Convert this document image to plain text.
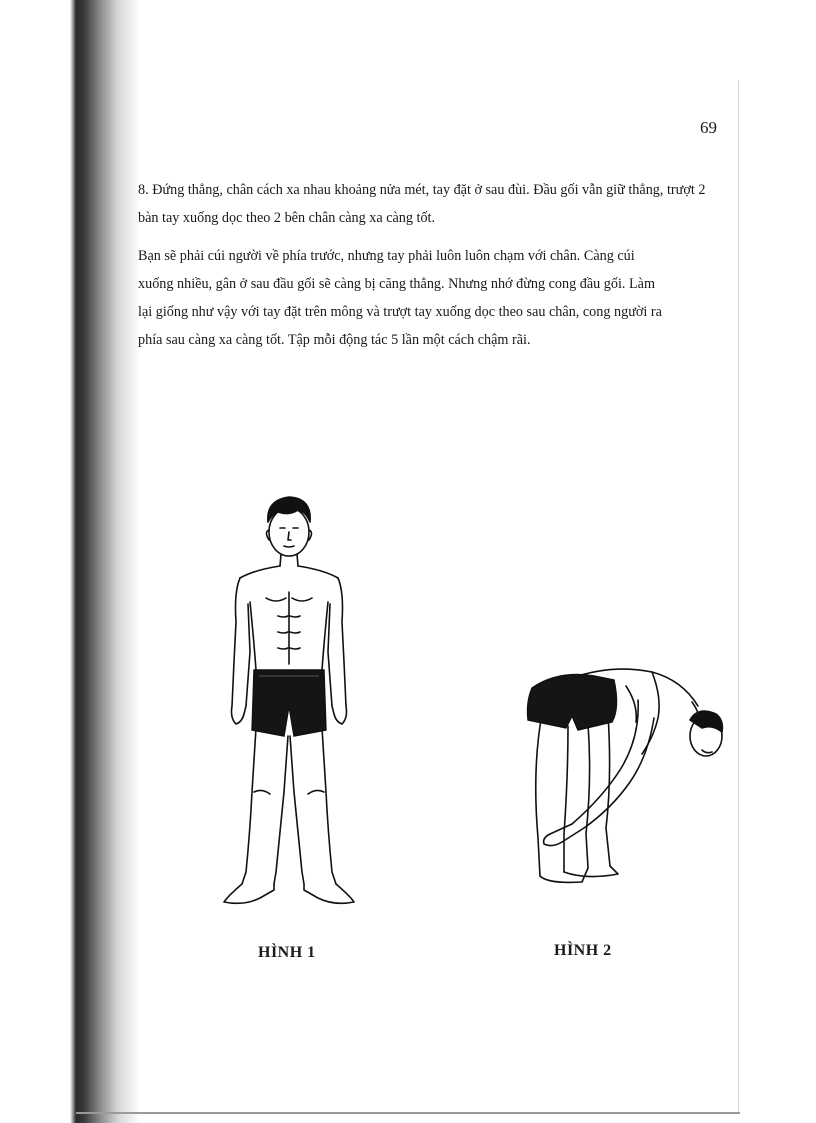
69
8. Đứng thẳng, chân cách xa nhau khoảng nửa mét, tay đặt ở sau đùi. Đầu gối vẫn giữ thẳng, trượt 2 bàn tay xuống dọc theo 2 bên chân càng xa càng tốt.
Bạn sẽ phải cúi người về phía trước, nhưng tay phải luôn luôn chạm với chân. Càng cúi
xuống nhiều, gân ở sau đầu gối sẽ càng bị căng thẳng. Nhưng nhớ đừng cong đầu gối. Làm
lại giống như vậy với tay đặt trên mông và trượt tay xuống dọc theo sau chân, cong người ra
phía sau càng xa càng tốt. Tập mỗi động tác 5 lần một cách chậm rãi.
HÌNH 1	HÌNH 2
